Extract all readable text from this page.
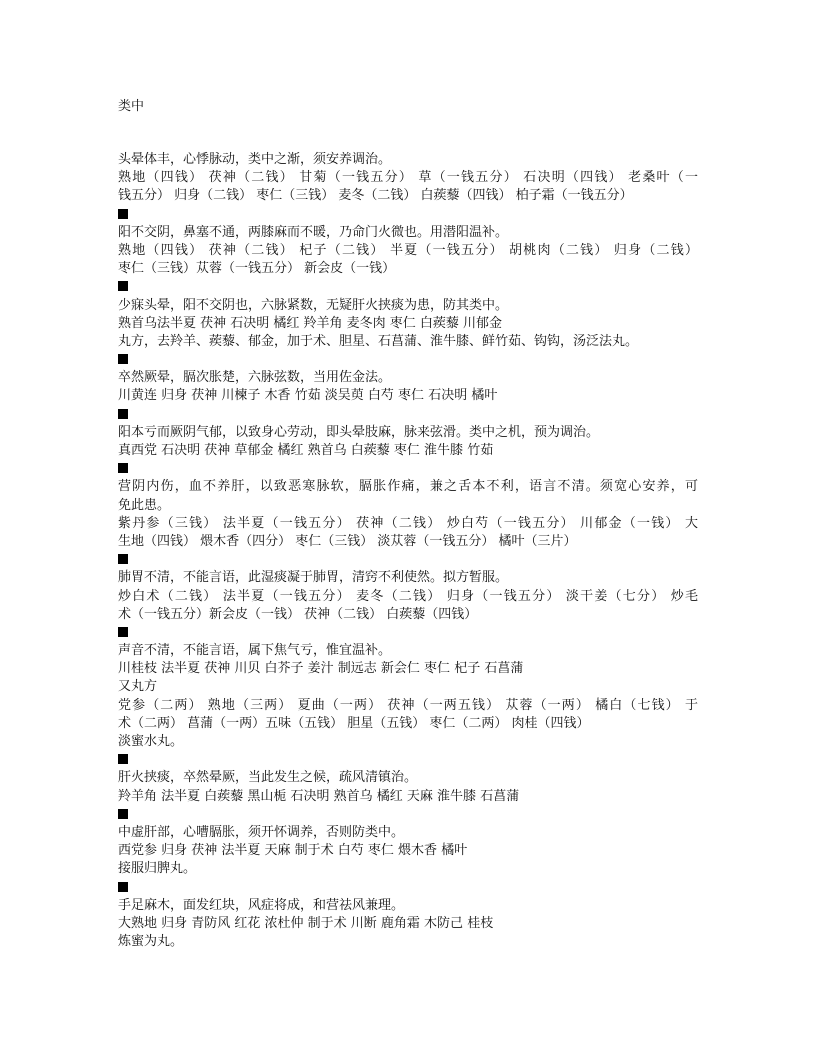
类中
头晕体丰，心悸脉动，类中之渐，须安养调治。
熟地（四钱） 茯神（二钱） 甘菊（一钱五分） 草（一钱五分） 石决明（四钱） 老桑叶（一
钱五分） 归身（二钱） 枣仁（三钱） 麦冬（二钱） 白蒺藜（四钱） 柏子霜（一钱五分）
阳不交阴，鼻塞不通，两膝麻而不暖，乃命门火微也。用潜阳温补。
熟地（四钱） 茯神（二钱） 杞子（二钱） 半夏（一钱五分） 胡桃肉（二钱） 归身（二钱）
枣仁（三钱）苁蓉（一钱五分） 新会皮（一钱）
少寐头晕，阳不交阴也，六脉紧数，无疑肝火挟痰为患，防其类中。
熟首乌法半夏 茯神 石决明 橘红 羚羊角 麦冬肉 枣仁 白蒺藜 川郁金
丸方，去羚羊、蒺藜、郁金，加于术、胆星、石菖蒲、淮牛膝、鲜竹茹、钩钩，汤泛法丸。
卒然厥晕，膈次胀楚，六脉弦数，当用佐金法。
川黄连 归身 茯神 川楝子 木香 竹茹 淡吴萸 白芍 枣仁 石决明 橘叶
阳本亏而厥阴气郁，以致身心劳动，即头晕肢麻，脉来弦滑。类中之机，预为调治。
真西党 石决明 茯神 草郁金 橘红 熟首乌 白蒺藜 枣仁 淮牛膝 竹茹
营阴内伤，血不养肝，以致恶寒脉软，膈胀作痛，兼之舌本不利，语言不清。须宽心安养，可
免此患。
紫丹参（三钱） 法半夏（一钱五分） 茯神（二钱） 炒白芍（一钱五分） 川郁金（一钱） 大
生地（四钱） 煨木香（四分） 枣仁（三钱） 淡苁蓉（一钱五分） 橘叶（三片）
肺胃不清，不能言语，此湿痰凝于肺胃，清窍不利使然。拟方暂服。
炒白术（二钱） 法半夏（一钱五分） 麦冬（二钱） 归身（一钱五分） 淡干姜（七分） 炒毛
术（一钱五分）新会皮（一钱） 茯神（二钱） 白蒺藜（四钱）
声音不清，不能言语，属下焦气亏，惟宜温补。
川桂枝 法半夏 茯神 川贝 白芥子 姜汁 制远志 新会仁 枣仁 杞子 石菖蒲
又丸方
党参（二两） 熟地（三两） 夏曲（一两） 茯神（一两五钱） 苁蓉（一两） 橘白（七钱） 于
术（二两） 菖蒲（一两）五味（五钱） 胆星（五钱） 枣仁（二两） 肉桂（四钱）
淡蜜水丸。
肝火挟痰，卒然晕厥，当此发生之候，疏风清镇治。
羚羊角 法半夏 白蒺藜 黑山栀 石决明 熟首乌 橘红 天麻 淮牛膝 石菖蒲
中虚肝部，心嘈膈胀，须开怀调养，否则防类中。
西党参 归身 茯神 法半夏 天麻 制于术 白芍 枣仁 煨木香 橘叶
接服归脾丸。
手足麻木，面发红块，风症将成，和营祛风兼理。
大熟地 归身 青防风 红花 浓杜仲 制于术 川断 鹿角霜 木防己 桂枝
炼蜜为丸。
